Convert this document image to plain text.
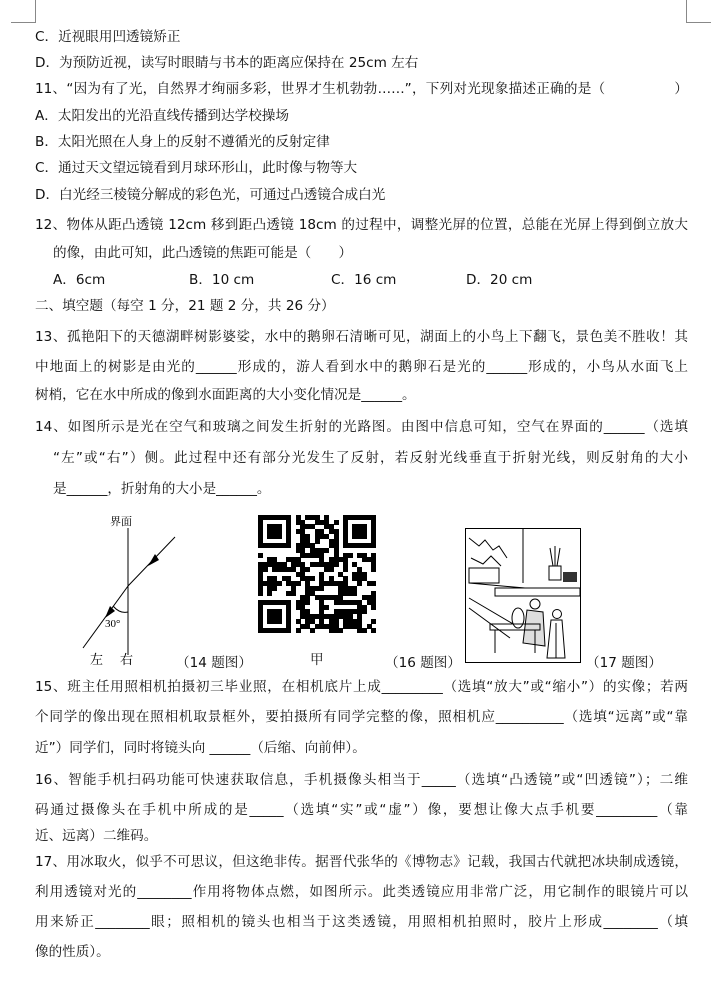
C．近视眼用凹透镜矫正
D．为预防近视，读写时眼睛与书本的距离应保持在 25cm 左右
11、“因为有了光，自然界才绚丽多彩，世界才生机勃勃……”，下列对光现象描述正确的是（　　　　　）
A．太阳发出的光沿直线传播到达学校操场
B．太阳光照在人身上的反射不遵循光的反射定律
C．通过天文望远镜看到月球环形山，此时像与物等大
D．白光经三棱镜分解成的彩色光，可通过凸透镜合成白光
12、物体从距凸透镜 12cm 移到距凸透镜 18cm 的过程中，调整光屏的位置，总能在光屏上得到倒立放大
的像，由此可知，此凸透镜的焦距可能是（　　）
A．6cm	B．10 cm	C．16 cm	D．20 cm
二、填空题（每空 1 分，21 题 2 分，共 26 分）
13、孤艳阳下的天德湖畔树影婆娑，水中的鹅卵石清晰可见，湖面上的小鸟上下翻飞，景色美不胜收！其
中地面上的树影是由光的______形成的，游人看到水中的鹅卵石是光的______形成的，小鸟从水面飞上
树梢，它在水中所成的像到水面距离的大小变化情况是______。
14、如图所示是光在空气和玻璃之间发生折射的光路图。由图中信息可知，空气在界面的______（选填
“左”或“右”）侧。此过程中还有部分光发生了反射，若反射光线垂直于折射光线，则反射角的大小
是______，折射角的大小是______。
界面
30°
左 右	（14 题图）	甲	（16 题图）	（17 题图）
15、班主任用照相机拍摄初三毕业照，在相机底片上成_________（选填“放大”或“缩小”）的实像；若两
个同学的像出现在照相机取景框外，要拍摄所有同学完整的像，照相机应__________（选填“远离”或“靠
近”）同学们，同时将镜头向 ______（后缩、向前伸）。
16、智能手机扫码功能可快速获取信息，手机摄像头相当于_____（选填“凸透镜”或“凹透镜”）；二维
码通过摄像头在手机中所成的是_____（选填“实”或“虚”）像，要想让像大点手机要_________（靠
近、远离）二维码。
17、用冰取火，似乎不可思议，但这绝非传。据晋代张华的《博物志》记载，我国古代就把冰块制成透镜，
利用透镜对光的________作用将物体点燃，如图所示。此类透镜应用非常广泛，用它制作的眼镜片可以
用来矫正________眼；照相机的镜头也相当于这类透镜，用照相机拍照时，胶片上形成________（填
像的性质）。
